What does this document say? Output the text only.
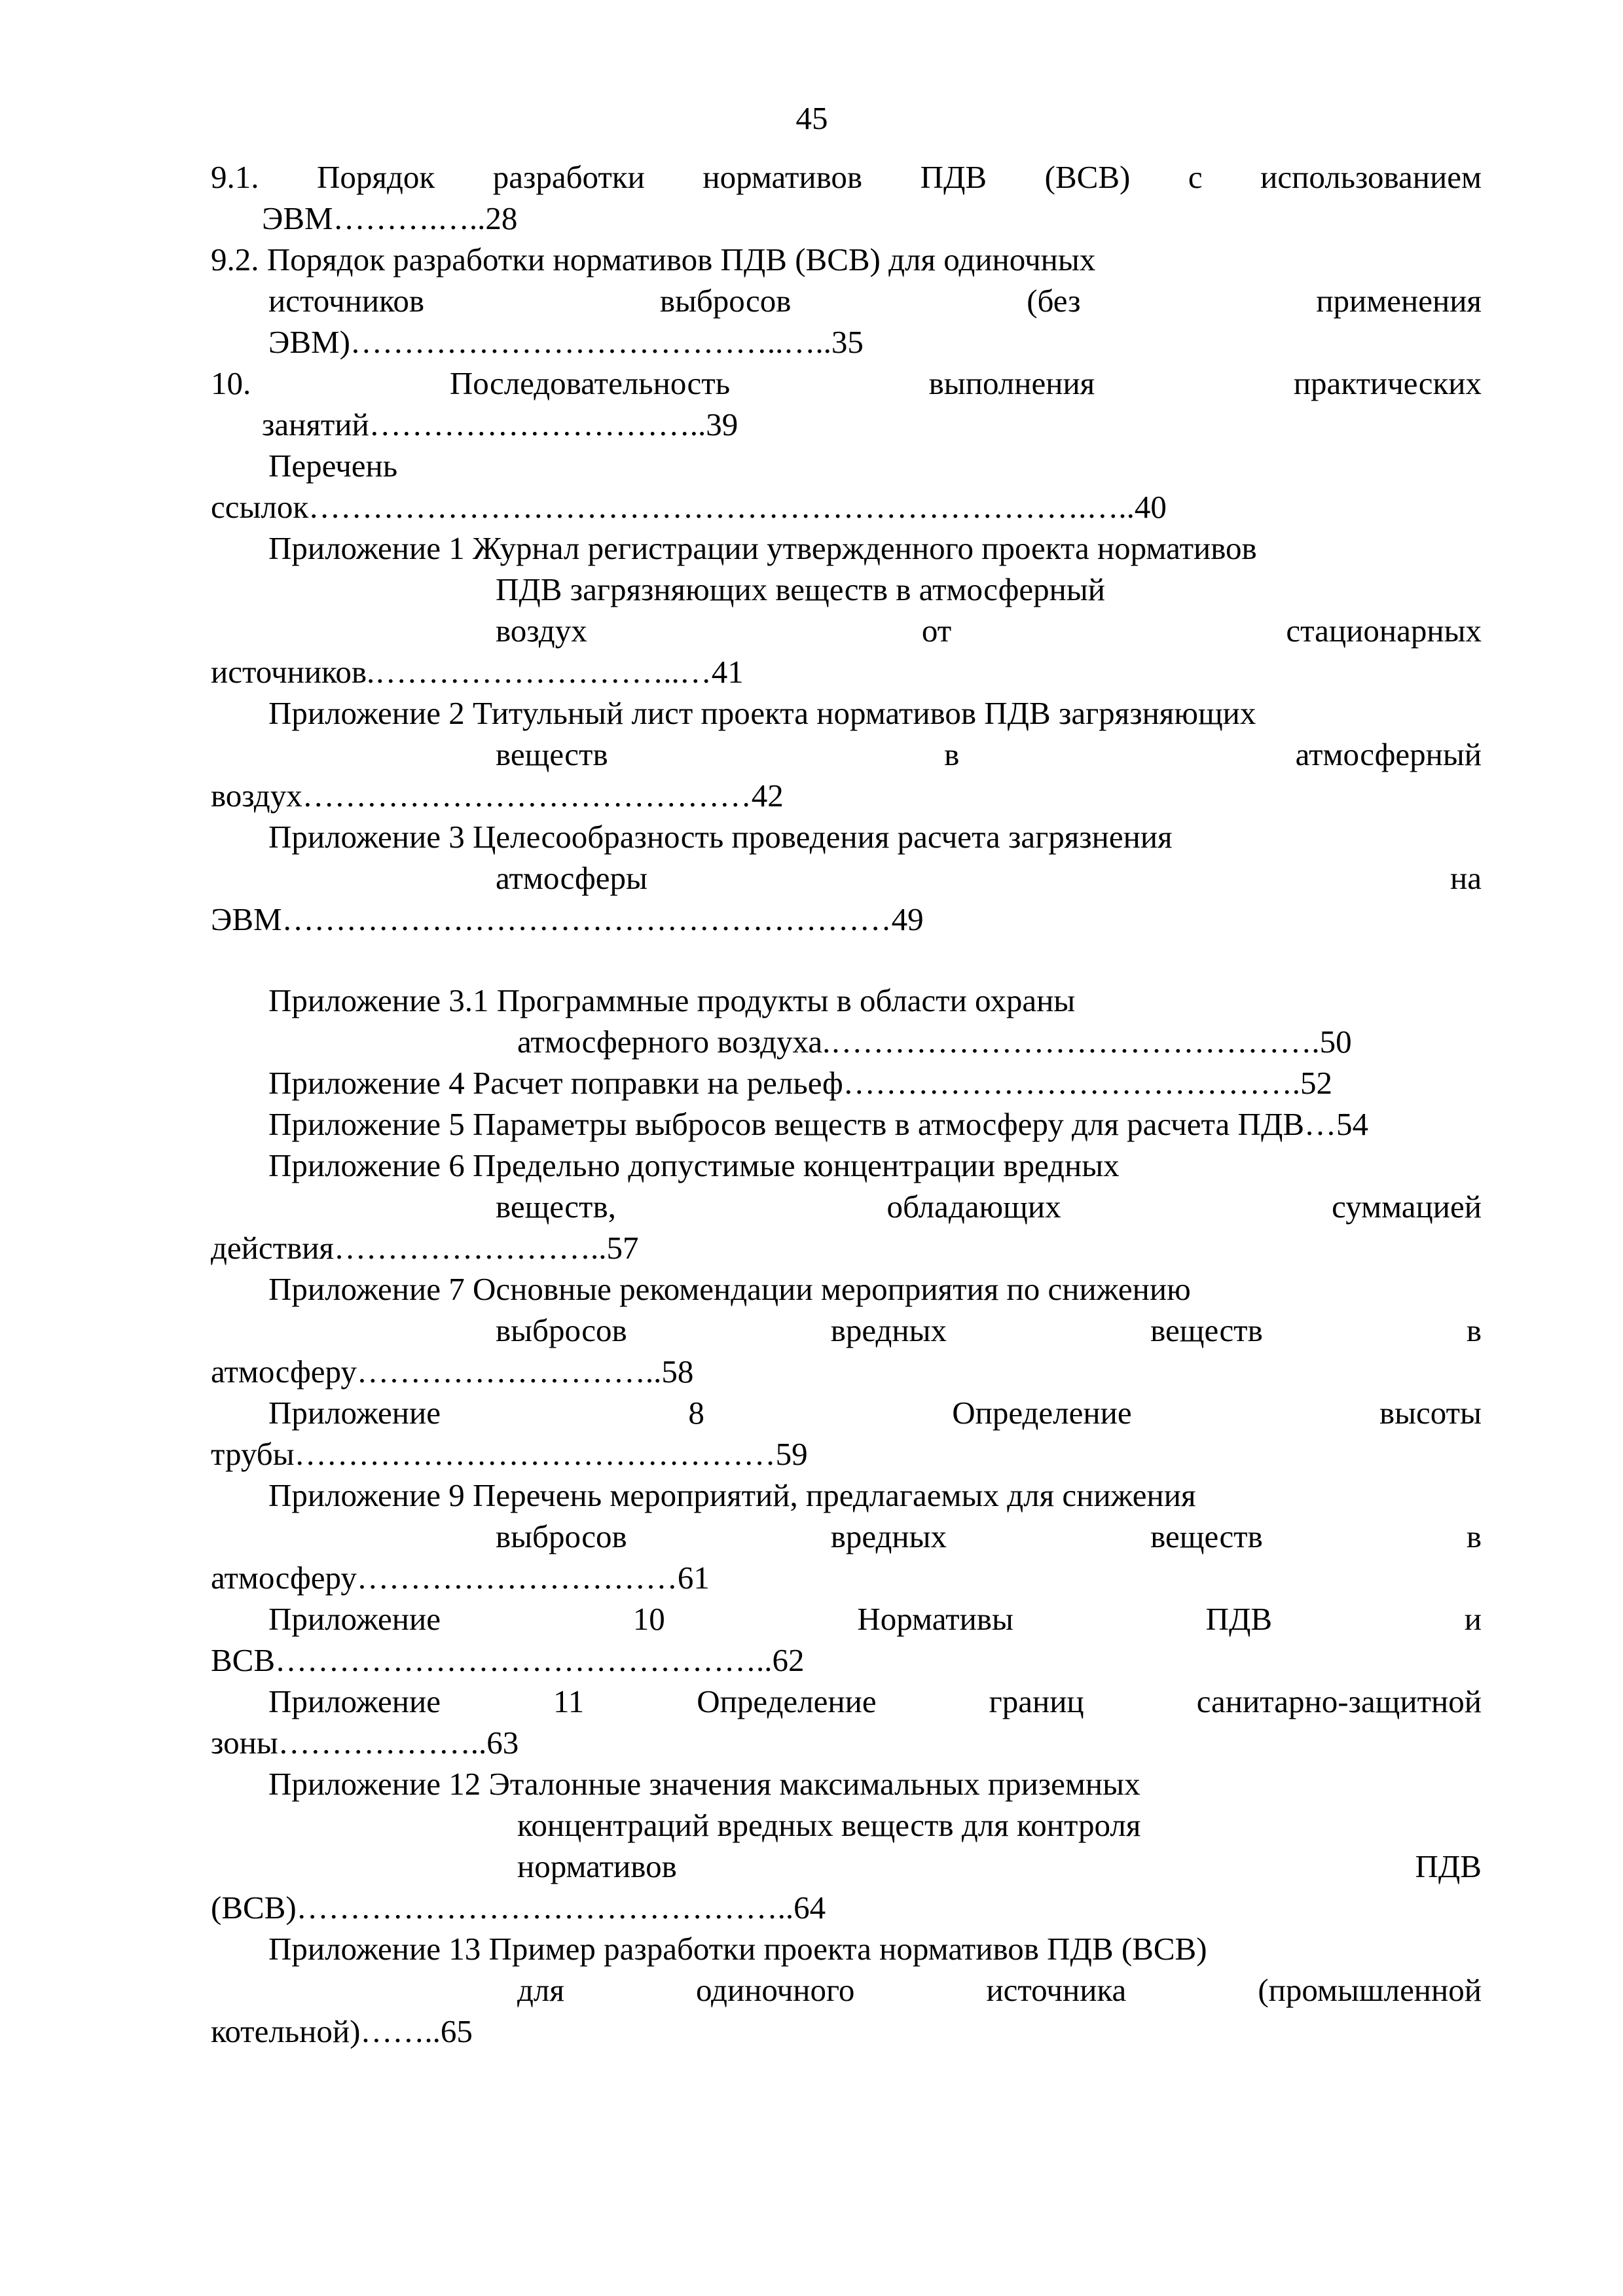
45
9.1. Порядок разработки нормативов ПДВ (ВСВ) с использованием
ЭВМ……….…..28
9.2. Порядок разработки нормативов ПДВ (ВСВ) для одиночных
источников	выбросов	(без	применения
ЭВМ)…………………………………..…..35
10.	Последовательность	выполнения	практических
занятий…………………………..39
Перечень
ссылок……………………………………………………………….…..40
Приложение 1 Журнал регистрации утвержденного проекта нормативов
ПДВ загрязняющих веществ в атмосферный
воздух	от	стационарных
источников.………………………..…41
Приложение 2 Титульный лист проекта нормативов ПДВ загрязняющих
веществ	в	атмосферный
воздух……………………………………42
Приложение 3 Целесообразность проведения расчета загрязнения
атмосферы	на
ЭВМ…………………………………………………49
Приложение 3.1 Программные продукты в области охраны
атмосферного воздуха.……………………………………….50
Приложение 4 Расчет поправки на рельеф…………………………………….52
Приложение 5 Параметры выбросов веществ в атмосферу для расчета ПДВ…54
Приложение 6 Предельно допустимые концентрации вредных
веществ,	обладающих	суммацией
действия……………………..57
Приложение 7 Основные рекомендации мероприятия по снижению
выбросов	вредных	веществ	в
атмосферу………………………..58
Приложение	8	Определение	высоты
трубы………………………………………59
Приложение 9 Перечень мероприятий, предлагаемых для снижения
выбросов	вредных	веществ	в
атмосферу…………………………61
Приложение	10	Нормативы	ПДВ	и
ВСВ………………………………………..62
Приложение	11	Определение	границ	санитарно-защитной
зоны………………..63
Приложение 12 Эталонные значения максимальных приземных
концентраций вредных веществ для контроля
нормативов	ПДВ
(ВСВ)………………………………………..64
Приложение 13 Пример разработки проекта нормативов ПДВ (ВСВ)
для	одиночного	источника	(промышленной
котельной)……..65
